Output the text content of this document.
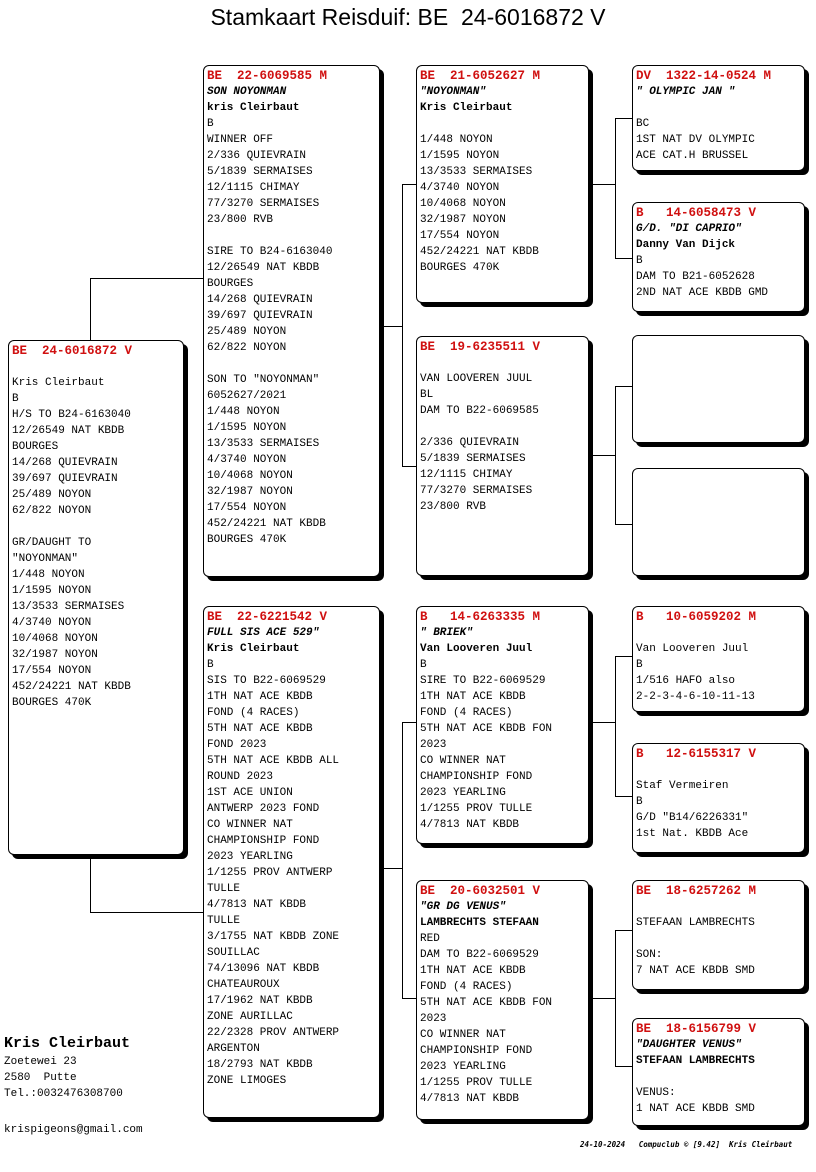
Stamkaart Reisduif: BE  24-6016872 V
BE  24-6016872 V
Kris Cleirbaut
B
H/S TO B24-6163040
12/26549 NAT KBDB
BOURGES
14/268 QUIEVRAIN
39/697 QUIEVRAIN
25/489 NOYON
62/822 NOYON
GR/DAUGHT TO
"NOYONMAN"
1/448 NOYON
1/1595 NOYON
13/3533 SERMAISES
4/3740 NOYON
10/4068 NOYON
32/1987 NOYON
17/554 NOYON
452/24221 NAT KBDB
BOURGES 470K
BE  22-6069585 M
SON NOYONMAN
kris Cleirbaut
B
WINNER OFF
2/336 QUIEVRAIN
5/1839 SERMAISES
12/1115 CHIMAY
77/3270 SERMAISES
23/800 RVB
SIRE TO B24-6163040
12/26549 NAT KBDB
BOURGES
14/268 QUIEVRAIN
39/697 QUIEVRAIN
25/489 NOYON
62/822 NOYON
SON TO "NOYONMAN"
6052627/2021
1/448 NOYON
1/1595 NOYON
13/3533 SERMAISES
4/3740 NOYON
10/4068 NOYON
32/1987 NOYON
17/554 NOYON
452/24221 NAT KBDB
BOURGES 470K
BE  22-6221542 V
FULL SIS ACE 529"
Kris Cleirbaut
B
SIS TO B22-6069529
1TH NAT ACE KBDB
FOND (4 RACES)
5TH NAT ACE KBDB
FOND 2023
5TH NAT ACE KBDB ALL
ROUND 2023
1ST ACE UNION
ANTWERP 2023 FOND
CO WINNER NAT
CHAMPIONSHIP FOND
2023 YEARLING
1/1255 PROV ANTWERP
TULLE
4/7813 NAT KBDB
TULLE
3/1755 NAT KBDB ZONE
SOUILLAC
74/13096 NAT KBDB
CHATEAUROUX
17/1962 NAT KBDB
ZONE AURILLAC
22/2328 PROV ANTWERP
ARGENTON
18/2793 NAT KBDB
ZONE LIMOGES
BE  21-6052627 M
"NOYONMAN"
Kris Cleirbaut
1/448 NOYON
1/1595 NOYON
13/3533 SERMAISES
4/3740 NOYON
10/4068 NOYON
32/1987 NOYON
17/554 NOYON
452/24221 NAT KBDB
BOURGES 470K
BE  19-6235511 V
VAN LOOVEREN JUUL
BL
DAM TO B22-6069585
2/336 QUIEVRAIN
5/1839 SERMAISES
12/1115 CHIMAY
77/3270 SERMAISES
23/800 RVB
B   14-6263335 M
" BRIEK"
Van Looveren Juul
B
SIRE TO B22-6069529
1TH NAT ACE KBDB
FOND (4 RACES)
5TH NAT ACE KBDB FON
2023
CO WINNER NAT
CHAMPIONSHIP FOND
2023 YEARLING
1/1255 PROV TULLE
4/7813 NAT KBDB
BE  20-6032501 V
"GR DG VENUS"
LAMBRECHTS STEFAAN
RED
DAM TO B22-6069529
1TH NAT ACE KBDB
FOND (4 RACES)
5TH NAT ACE KBDB FON
2023
CO WINNER NAT
CHAMPIONSHIP FOND
2023 YEARLING
1/1255 PROV TULLE
4/7813 NAT KBDB
DV  1322-14-0524 M
" OLYMPIC JAN "
BC
1ST NAT DV OLYMPIC
ACE CAT.H BRUSSEL
B   14-6058473 V
G/D. "DI CAPRIO"
Danny Van Dijck
B
DAM TO B21-6052628
2ND NAT ACE KBDB GMD
B   10-6059202 M
Van Looveren Juul
B
1/516 HAFO also
2-2-3-4-6-10-11-13
B   12-6155317 V
Staf Vermeiren
B
G/D "B14/6226331"
1st Nat. KBDB Ace
BE  18-6257262 M
STEFAAN LAMBRECHTS
SON:
7 NAT ACE KBDB SMD
BE  18-6156799 V
"DAUGHTER VENUS"
STEFAAN LAMBRECHTS
VENUS:
1 NAT ACE KBDB SMD
Kris Cleirbaut
Zoetewei 23
2580  Putte
Tel.:0032476308700
krispigeons@gmail.com
24-10-2024   Compuclub © [9.42]  Kris Cleirbaut
